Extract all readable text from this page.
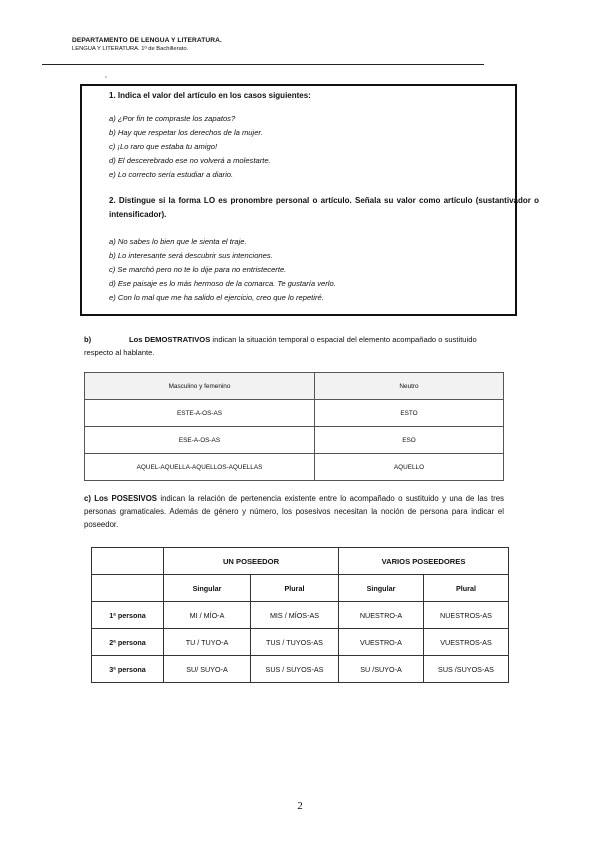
DEPARTAMENTO DE LENGUA Y LITERATURA.
LENGUA Y LITERATURA. 1º de Bachillerato.
,
1. Indica el valor del artículo en los casos siguientes:
a) ¿Por fin te compraste los zapatos?
b) Hay que respetar los derechos de la mujer.
c) ¡Lo raro que estaba tu amigo!
d) El descerebrado ese no volverá a molestarte.
e) Lo correcto sería estudiar a diario.
2. Distingue si la forma LO es pronombre personal o artículo. Señala su valor como artículo (sustantivador o intensificador).
a) No sabes lo bien que le sienta el traje.
b) Lo interesante será descubrir sus intenciones.
c) Se marchó pero no te lo dije para no entristecerte.
d) Ese paisaje es lo más hermoso de la comarca. Te gustaría verlo.
e) Con lo mal que me ha salido el ejercicio, creo que lo repetiré.
b)	Los DEMOSTRATIVOS indican la situación temporal o espacial del elemento acompañado o sustituido respecto al hablante.
Masculino y femenino	Neutro
ESTE-A-OS-AS	ESTO
ESE-A-OS-AS	ESO
AQUEL-AQUELLA-AQUELLOS-AQUELLAS	AQUELLO
c) Los POSESIVOS indican la relación de pertenencia existente entre lo acompañado o sustituido y una de las tres personas gramaticales. Además de género y número, los posesivos necesitan la noción de persona para indicar el poseedor.
	UN POSEEDOR		VARIOS POSEEDORES	
	Singular	Plural	Singular	Plural
1ª persona	MI / MÍO-A	MIS / MÍOS-AS	NUESTRO-A	NUESTROS-AS
2ª persona	TU / TUYO-A	TUS / TUYOS-AS	VUESTRO-A	VUESTROS-AS
3ª persona	SU/ SUYO-A	SUS / SUYOS-AS	SU /SUYO-A	SUS /SUYOS-AS
2
